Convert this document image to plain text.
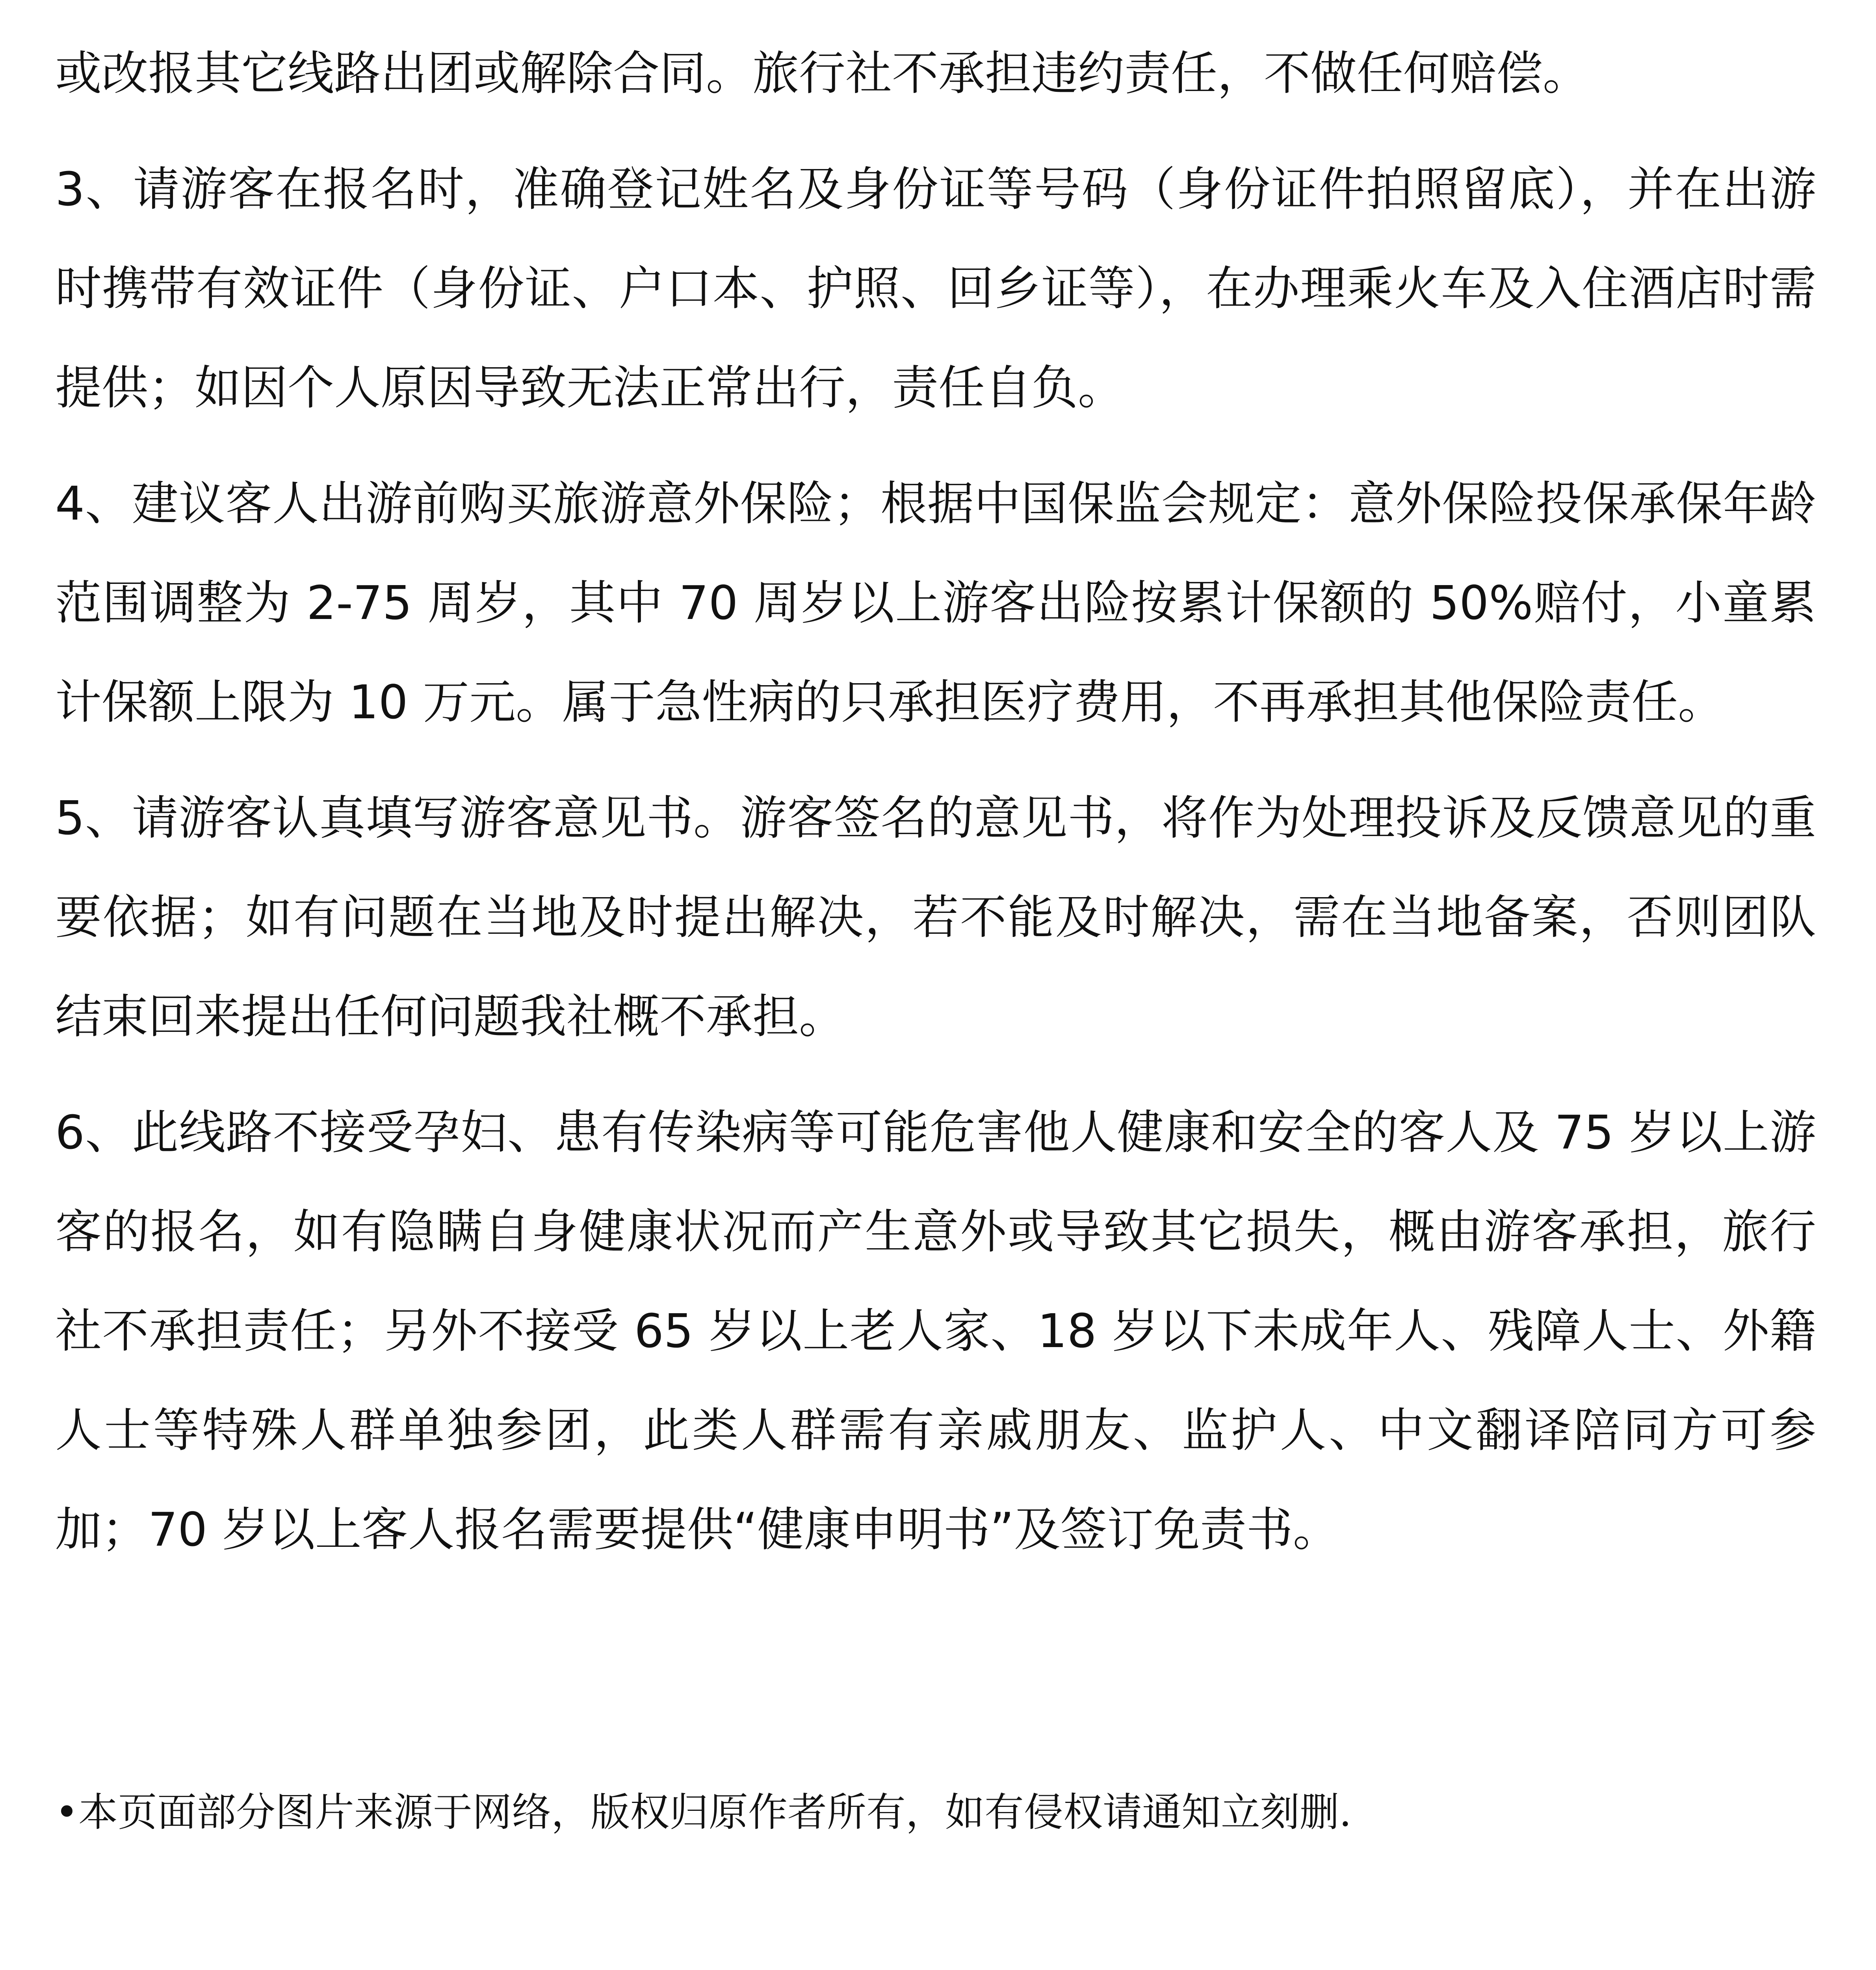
或改报其它线路出团或解除合同。旅行社不承担违约责任，不做任何赔偿。

3、请游客在报名时，准确登记姓名及身份证等号码（身份证件拍照留底），并在出游时携带有效证件（身份证、户口本、护照、回乡证等），在办理乘火车及入住酒店时需提供；如因个人原因导致无法正常出行，责任自负。

4、建议客人出游前购买旅游意外保险；根据中国保监会规定：意外保险投保承保年龄范围调整为 2-75 周岁，其中 70 周岁以上游客出险按累计保额的 50%赔付，小童累计保额上限为 10 万元。属于急性病的只承担医疗费用，不再承担其他保险责任。

5、请游客认真填写游客意见书。游客签名的意见书，将作为处理投诉及反馈意见的重要依据；如有问题在当地及时提出解决，若不能及时解决，需在当地备案，否则团队结束回来提出任何问题我社概不承担。

6、此线路不接受孕妇、患有传染病等可能危害他人健康和安全的客人及 75 岁以上游客的报名，如有隐瞒自身健康状况而产生意外或导致其它损失，概由游客承担，旅行社不承担责任；另外不接受 65 岁以上老人家、18 岁以下未成年人、残障人士、外籍人士等特殊人群单独参团，此类人群需有亲戚朋友、监护人、中文翻译陪同方可参加；70 岁以上客人报名需要提供“健康申明书”及签订免责书。

•本页面部分图片来源于网络，版权归原作者所有，如有侵权请通知立刻删.
